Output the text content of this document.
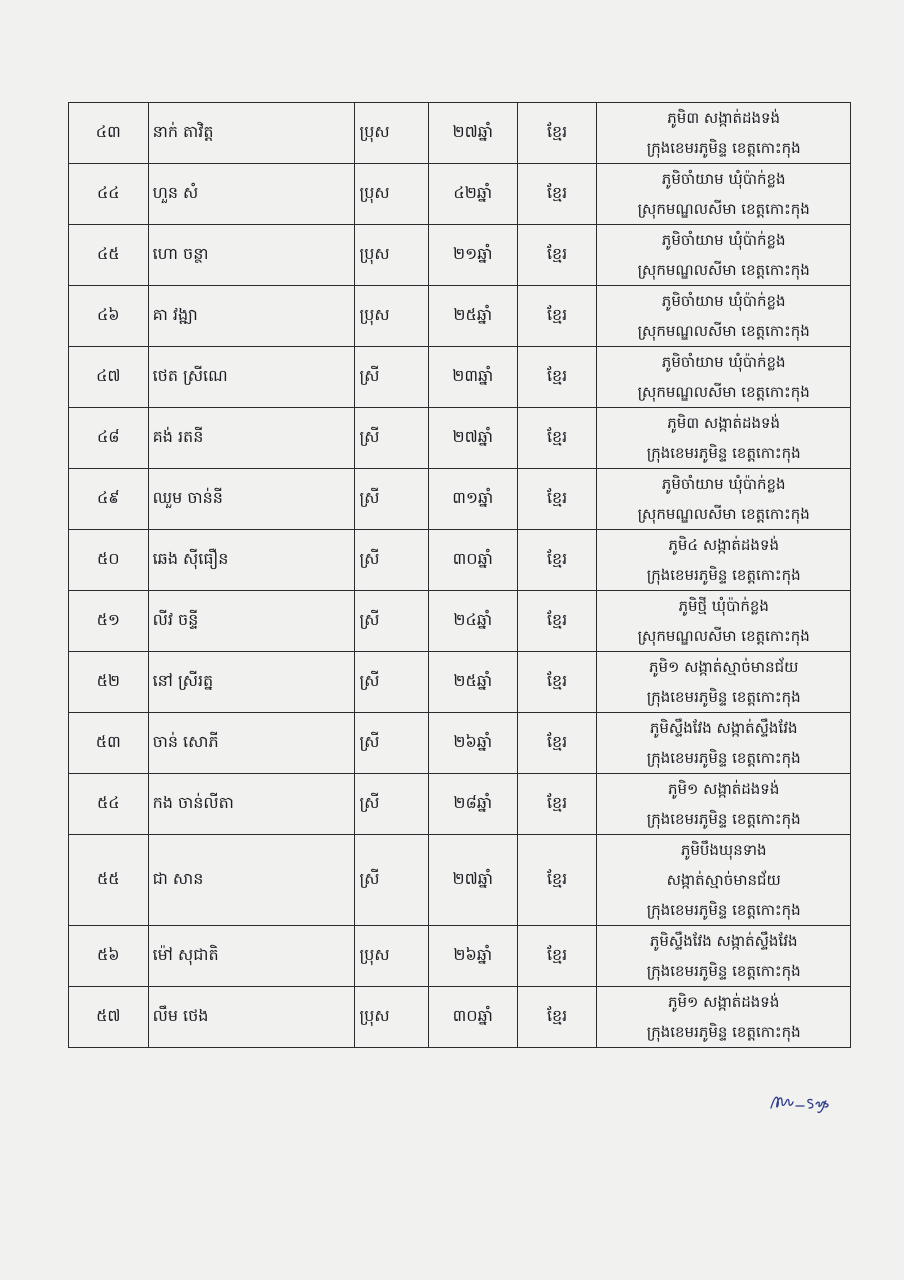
៤៣	នាក់ តាវិត្ត	ប្រុស	២៧ឆ្នាំ	ខ្មែរ	ភូមិ៣ សង្កាត់ដងទង់
ក្រុងខេមរភូមិន្ទ ខេត្តកោះកុង

៤៤	ហួន សំ	ប្រុស	៤២ឆ្នាំ	ខ្មែរ	ភូមិចាំយាម ឃុំប៉ាក់ខ្លង
ស្រុកមណ្ឌលសីមា ខេត្តកោះកុង

៤៥	ហោ ចន្ថា	ប្រុស	២១ឆ្នាំ	ខ្មែរ	ភូមិចាំយាម ឃុំប៉ាក់ខ្លង
ស្រុកមណ្ឌលសីមា ខេត្តកោះកុង

៤៦	គា វង្ឍា	ប្រុស	២៥ឆ្នាំ	ខ្មែរ	ភូមិចាំយាម ឃុំប៉ាក់ខ្លង
ស្រុកមណ្ឌលសីមា ខេត្តកោះកុង

៤៧	ថេត ស្រីណេ	ស្រី	២៣ឆ្នាំ	ខ្មែរ	ភូមិចាំយាម ឃុំប៉ាក់ខ្លង
ស្រុកមណ្ឌលសីមា ខេត្តកោះកុង

៤៨	គង់ រតនី	ស្រី	២៧ឆ្នាំ	ខ្មែរ	ភូមិ៣ សង្កាត់ដងទង់
ក្រុងខេមរភូមិន្ទ ខេត្តកោះកុង

៤៩	ឈួម ចាន់នី	ស្រី	៣១ឆ្នាំ	ខ្មែរ	ភូមិចាំយាម ឃុំប៉ាក់ខ្លង
ស្រុកមណ្ឌលសីមា ខេត្តកោះកុង

៥០	ឆេង ស៊ីធឿន	ស្រី	៣០ឆ្នាំ	ខ្មែរ	ភូមិ៤ សង្កាត់ដងទង់
ក្រុងខេមរភូមិន្ទ ខេត្តកោះកុង

៥១	លីវ ចន្ទី	ស្រី	២៤ឆ្នាំ	ខ្មែរ	ភូមិថ្មី ឃុំប៉ាក់ខ្លង
ស្រុកមណ្ឌលសីមា ខេត្តកោះកុង

៥២	នៅ ស្រីរត្ន	ស្រី	២៥ឆ្នាំ	ខ្មែរ	ភូមិ១ សង្កាត់ស្មាច់មានជ័យ
ក្រុងខេមរភូមិន្ទ ខេត្តកោះកុង

៥៣	ចាន់ សោភី	ស្រី	២៦ឆ្នាំ	ខ្មែរ	ភូមិស្ទឹងវែង សង្កាត់ស្ទឹងវែង
ក្រុងខេមរភូមិន្ទ ខេត្តកោះកុង

៥៤	កង ចាន់លីតា	ស្រី	២៨ឆ្នាំ	ខ្មែរ	ភូមិ១ សង្កាត់ដងទង់
ក្រុងខេមរភូមិន្ទ ខេត្តកោះកុង

៥៥	ជា សាន	ស្រី	២៧ឆ្នាំ	ខ្មែរ	ភូមិបឹងឃុនទាង
សង្កាត់ស្មាច់មានជ័យ
ក្រុងខេមរភូមិន្ទ ខេត្តកោះកុង

៥៦	ម៉ៅ សុជាតិ	ប្រុស	២៦ឆ្នាំ	ខ្មែរ	ភូមិស្ទឹងវែង សង្កាត់ស្ទឹងវែង
ក្រុងខេមរភូមិន្ទ ខេត្តកោះកុង

៥៧	លឹម ថេង	ប្រុស	៣០ឆ្នាំ	ខ្មែរ	ភូមិ១ សង្កាត់ដងទង់
ក្រុងខេមរភូមិន្ទ ខេត្តកោះកុង
